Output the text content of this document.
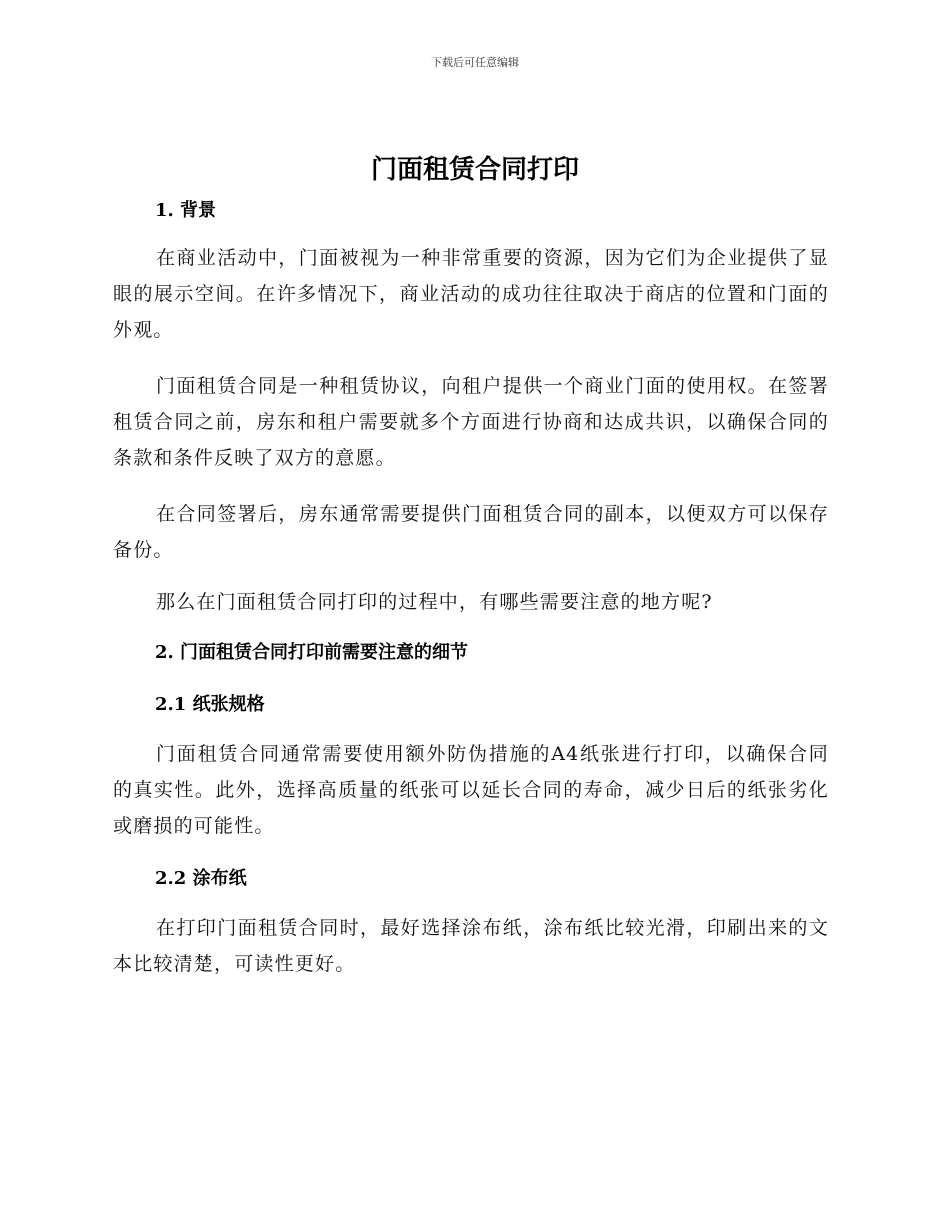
下载后可任意编辑
门面租赁合同打印
1. 背景

在商业活动中，门面被视为一种非常重要的资源，因为它们为企业提供了显眼的展示空间。在许多情况下，商业活动的成功往往取决于商店的位置和门面的外观。

门面租赁合同是一种租赁协议，向租户提供一个商业门面的使用权。在签署租赁合同之前，房东和租户需要就多个方面进行协商和达成共识，以确保合同的条款和条件反映了双方的意愿。

在合同签署后，房东通常需要提供门面租赁合同的副本，以便双方可以保存备份。

那么在门面租赁合同打印的过程中，有哪些需要注意的地方呢?

2. 门面租赁合同打印前需要注意的细节
2.1 纸张规格

门面租赁合同通常需要使用额外防伪措施的A4纸张进行打印，以确保合同的真实性。此外，选择高质量的纸张可以延长合同的寿命，减少日后的纸张劣化或磨损的可能性。

2.2 涂布纸

在打印门面租赁合同时，最好选择涂布纸，涂布纸比较光滑，印刷出来的文本比较清楚，可读性更好。
